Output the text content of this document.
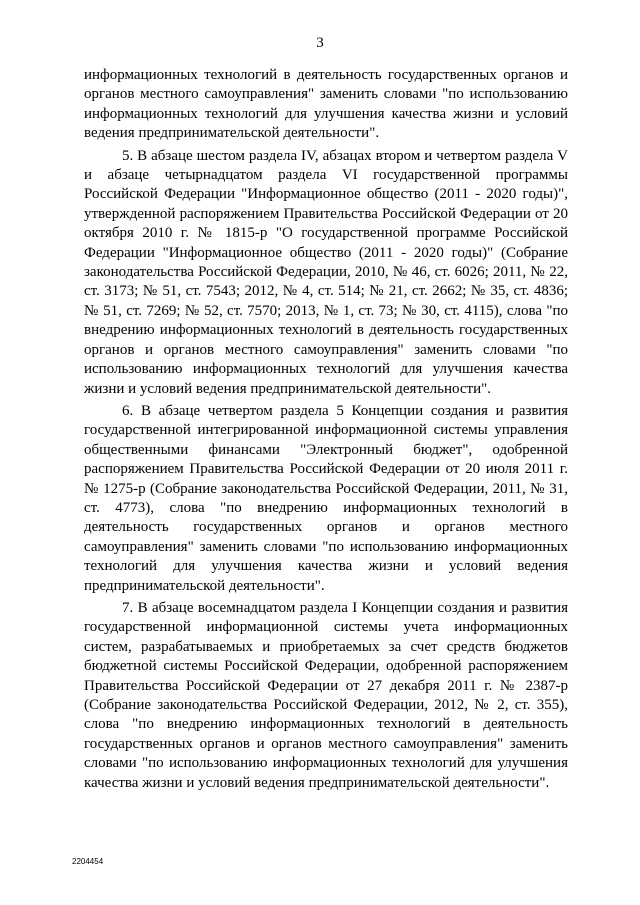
3

информационных технологий в деятельность государственных органов и органов местного самоуправления" заменить словами "по использованию информационных технологий для улучшения качества жизни и условий ведения предпринимательской деятельности".

5. В абзаце шестом раздела IV, абзацах втором и четвертом раздела V и абзаце четырнадцатом раздела VI государственной программы Российской Федерации "Информационное общество (2011 - 2020 годы)", утвержденной распоряжением Правительства Российской Федерации от 20 октября 2010 г. № 1815-р "О государственной программе Российской Федерации "Информационное общество (2011 - 2020 годы)" (Собрание законодательства Российской Федерации, 2010, № 46, ст. 6026; 2011, № 22, ст. 3173; № 51, ст. 7543; 2012, № 4, ст. 514; № 21, ст. 2662; № 35, ст. 4836; № 51, ст. 7269; № 52, ст. 7570; 2013, № 1, ст. 73; № 30, ст. 4115), слова "по внедрению информационных технологий в деятельность государственных органов и органов местного самоуправления" заменить словами "по использованию информационных технологий для улучшения качества жизни и условий ведения предпринимательской деятельности".

6. В абзаце четвертом раздела 5 Концепции создания и развития государственной интегрированной информационной системы управления общественными финансами "Электронный бюджет", одобренной распоряжением Правительства Российской Федерации от 20 июля 2011 г. № 1275-р (Собрание законодательства Российской Федерации, 2011, № 31, ст. 4773), слова "по внедрению информационных технологий в деятельность государственных органов и органов местного самоуправления" заменить словами "по использованию информационных технологий для улучшения качества жизни и условий ведения предпринимательской деятельности".

7. В абзаце восемнадцатом раздела I Концепции создания и развития государственной информационной системы учета информационных систем, разрабатываемых и приобретаемых за счет средств бюджетов бюджетной системы Российской Федерации, одобренной распоряжением Правительства Российской Федерации от 27 декабря 2011 г. № 2387-р (Собрание законодательства Российской Федерации, 2012, № 2, ст. 355), слова "по внедрению информационных технологий в деятельность государственных органов и органов местного самоуправления" заменить словами "по использованию информационных технологий для улучшения качества жизни и условий ведения предпринимательской деятельности".

2204454
